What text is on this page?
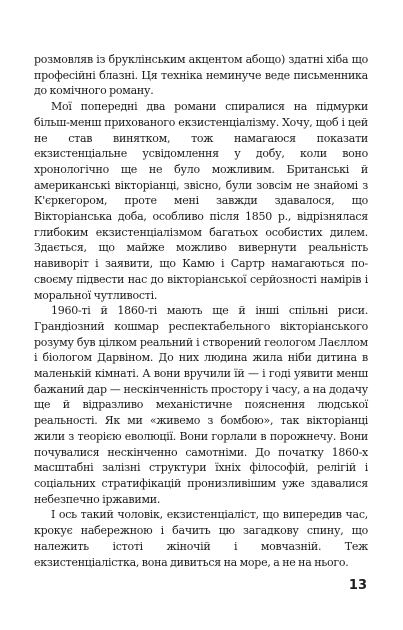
розмовляв із бруклінським акцентом абощо) здатні хіба що професійні блазні. Ця техніка неминуче веде письменника до комічного роману.

Мої попередні два романи спиралися на підмурки більш-менш прихованого екзистенціалізму. Хочу, щоб і цей не став винятком, тож намагаюся показати екзистенціальне усвідомлення у добу, коли воно хронологічно ще не було можливим. Британські й американські вікторіанці, звісно, були зовсім не знайомі з К'єркегором, проте мені завжди здавалося, що Вікторіанська доба, особливо після 1850 р., відрізнялася глибоким екзистенціалізмом багатьох особистих дилем. Здається, що майже можливо вивернути реальність навиворіт і заявити, що Камю і Сартр намагаються по-своєму підвести нас до вікторіанської серйозності намірів і моральної чутливості.

1960-ті й 1860-ті мають ще й інші спільні риси. Грандіозний кошмар респектабельного вікторіанського розуму був цілком реальний і створений геологом Лаєллом і біологом Дарвіном. До них людина жила ніби дитина в маленькій кімнаті. А вони вручили їй — і годі уявити менш бажаний дар — нескінченність простору і часу, а на додачу ще й відразливо механістичне пояснення людської реальності. Як ми «живемо з бомбою», так вікторіанці жили з теорією еволюції. Вони горлали в порожнечу. Вони почувалися нескінченно самотніми. До початку 1860-х масштабні залізні структури їхніх філософій, релігій і соціальних стратифікацій пронизливішим уже здавалися небезпечно іржавими.

І ось такий чоловік, екзистенціаліст, що випередив час, крокує набережною і бачить цю загадкову спину, що належить істоті жіночій і мовчазній. Теж екзистенціалістка, вона дивиться на море, а не на нього.

13
